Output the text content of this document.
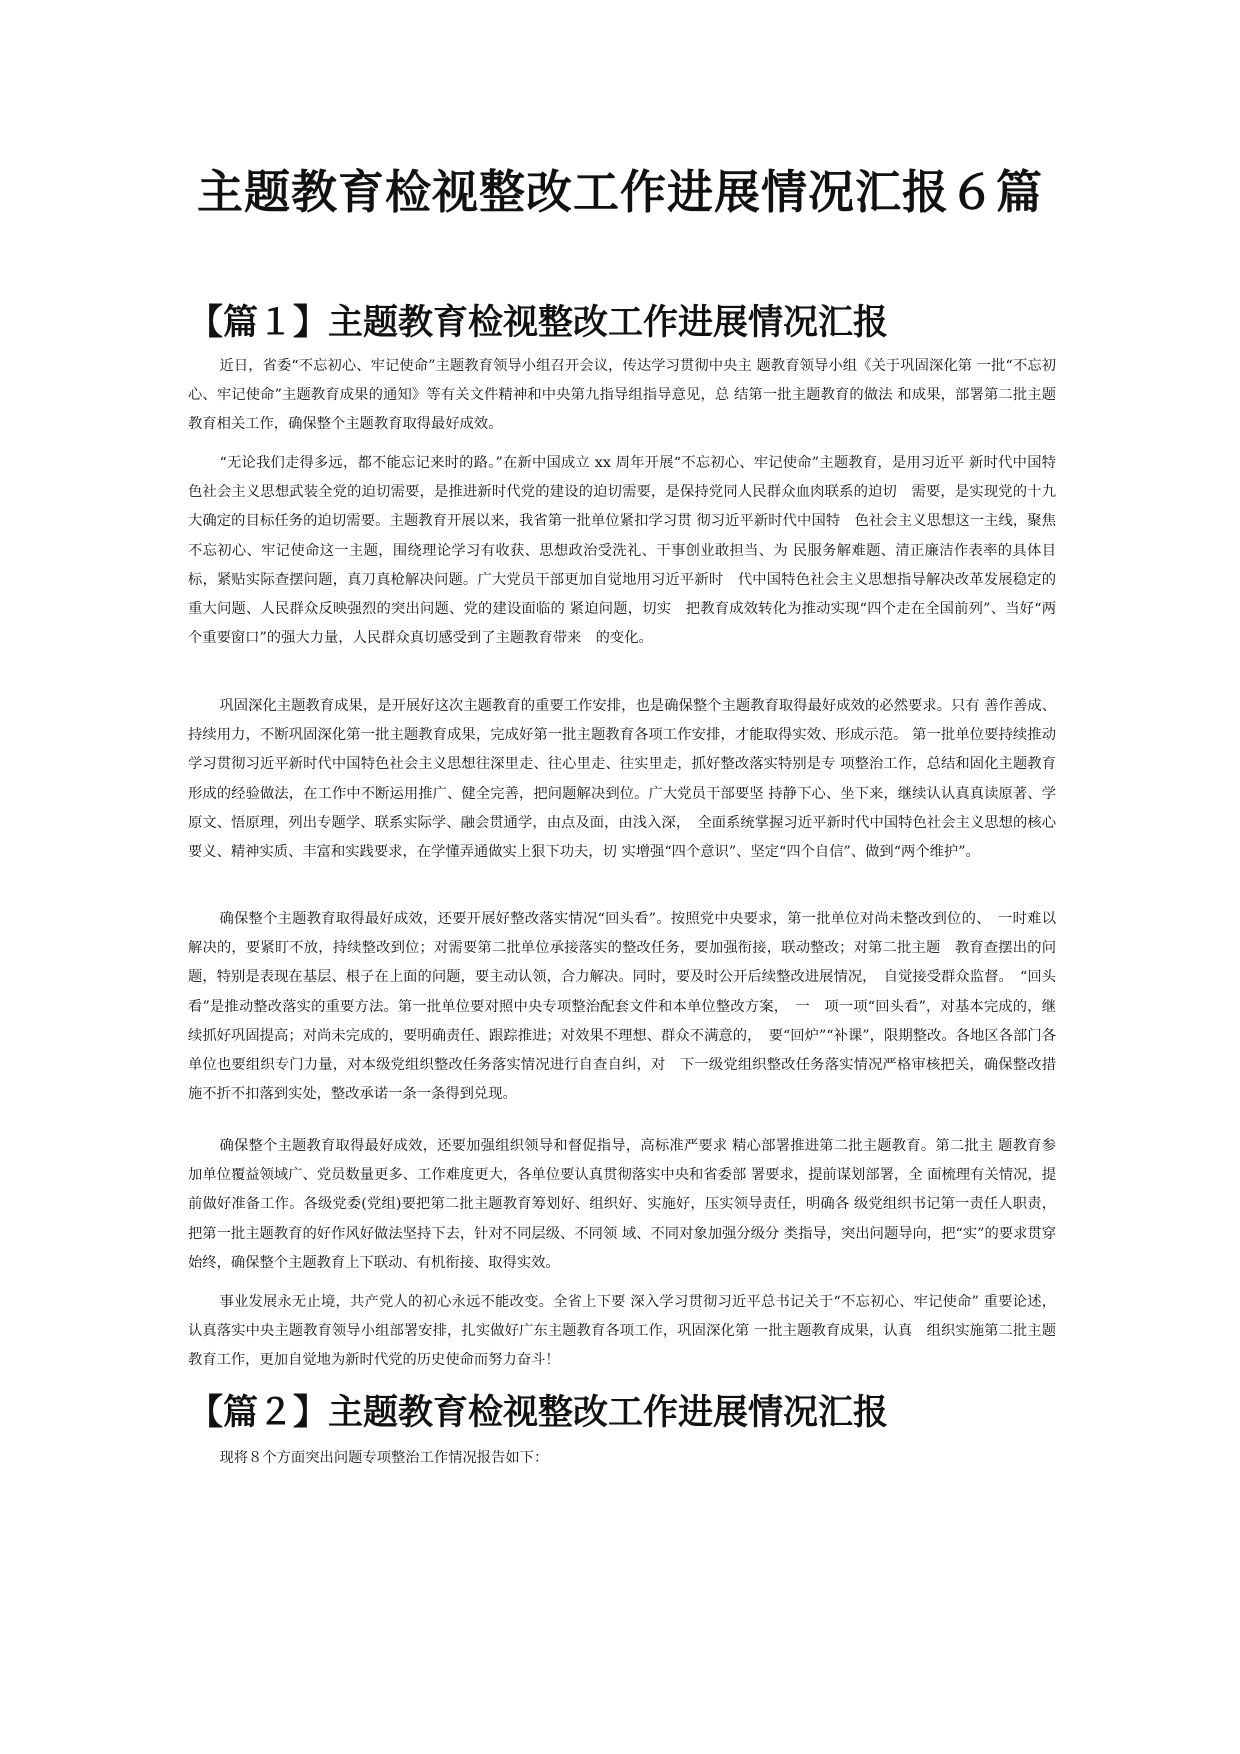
主题教育检视整改工作进展情况汇报６篇
【篇１】主题教育检视整改工作进展情况汇报

近日，省委“不忘初心、牢记使命”主题教育领导小组召开会议，传达学习贯彻中央主 题教育领导小组《关于巩固深化第 一批“不忘初心、牢记使命”主题教育成果的通知》等有关文件精神和中央第九指导组指导意见，总 结第一批主题教育的做法 和成果，部署第二批主题教育相关工作，确保整个主题教育取得最好成效。

“无论我们走得多远，都不能忘记来时的路。”在新中国成立 xx 周年开展“不忘初心、牢记使命”主题教育，是用习近平 新时代中国特色社会主义思想武装全党的迫切需要，是推进新时代党的建设的迫切需要，是保持党同人民群众血肉联系的迫切　需要，是实现党的十九大确定的目标任务的迫切需要。主题教育开展以来，我省第一批单位紧扣学习贯 彻习近平新时代中国特　色社会主义思想这一主线，聚焦不忘初心、牢记使命这一主题，围绕理论学习有收获、思想政治受洗礼、干事创业敢担当、为 民服务解难题、清正廉洁作表率的具体目标，紧贴实际查摆问题，真刀真枪解决问题。广大党员干部更加自觉地用习近平新时　代中国特色社会主义思想指导解决改革发展稳定的重大问题、人民群众反映强烈的突出问题、党的建设面临的 紧迫问题，切实　把教育成效转化为推动实现“四个走在全国前列”、当好“两个重要窗口”的强大力量，人民群众真切感受到了主题教育带来　的变化。

巩固深化主题教育成果，是开展好这次主题教育的重要工作安排，也是确保整个主题教育取得最好成效的必然要求。只有 善作善成、持续用力，不断巩固深化第一批主题教育成果，完成好第一批主题教育各项工作安排，才能取得实效、形成示范。 第一批单位要持续推动学习贯彻习近平新时代中国特色社会主义思想往深里走、往心里走、往实里走，抓好整改落实特别是专 项整治工作，总结和固化主题教育形成的经验做法，在工作中不断运用推广、健全完善，把问题解决到位。广大党员干部要坚 持静下心、坐下来，继续认认真真读原著、学原文、悟原理，列出专题学、联系实际学、融会贯通学，由点及面，由浅入深，　全面系统掌握习近平新时代中国特色社会主义思想的核心要义、精神实质、丰富和实践要求，在学懂弄通做实上狠下功夫，切 实增强“四个意识”、坚定“四个自信”、做到“两个维护”。

确保整个主题教育取得最好成效，还要开展好整改落实情况“回头看”。按照党中央要求，第一批单位对尚未整改到位的、　一时难以解决的，要紧盯不放，持续整改到位；对需要第二批单位承接落实的整改任务，要加强衔接，联动整改；对第二批主题　教育查摆出的问题，特别是表现在基层、根子在上面的问题，要主动认领，合力解决。同时，要及时公开后续整改进展情况，　自觉接受群众监督。　“回头看”是推动整改落实的重要方法。第一批单位要对照中央专项整治配套文件和本单位整改方案，　一　项一项“回头看”，对基本完成的，继续抓好巩固提高；对尚未完成的，要明确责任、跟踪推进；对效果不理想、群众不满意的，　要“回炉”“补课”，限期整改。各地区各部门各单位也要组织专门力量，对本级党组织整改任务落实情况进行自查自纠，对　下一级党组织整改任务落实情况严格审核把关，确保整改措施不折不扣落到实处，整改承诺一条一条得到兑现。

确保整个主题教育取得最好成效，还要加强组织领导和督促指导，高标准严要求 精心部署推进第二批主题教育。第二批主 题教育参加单位覆益领域广、党员数量更多、工作难度更大，各单位要认真贯彻落实中央和省委部 署要求，提前谋划部署，全 面梳理有关情况，提前做好准备工作。各级党委(党组)要把第二批主题教育筹划好、组织好、实施好，压实领导责任，明确各 级党组织书记第一责任人职责，把第一批主题教育的好作风好做法坚持下去，针对不同层级、不同领 域、不同对象加强分级分 类指导，突出问题导向，把“实”的要求贯穿始终，确保整个主题教育上下联动、有机衔接、取得实效。

事业发展永无止境，共产党人的初心永远不能改变。全省上下要 深入学习贯彻习近平总书记关于“不忘初心、牢记使命” 重要论述，认真落实中央主题教育领导小组部署安排，扎实做好广东主题教育各项工作，巩固深化第 一批主题教育成果，认真　组织实施第二批主题教育工作，更加自觉地为新时代党的历史使命而努力奋斗！

【篇２】主题教育检视整改工作进展情况汇报

现将８个方面突出问题专项整治工作情况报告如下：
